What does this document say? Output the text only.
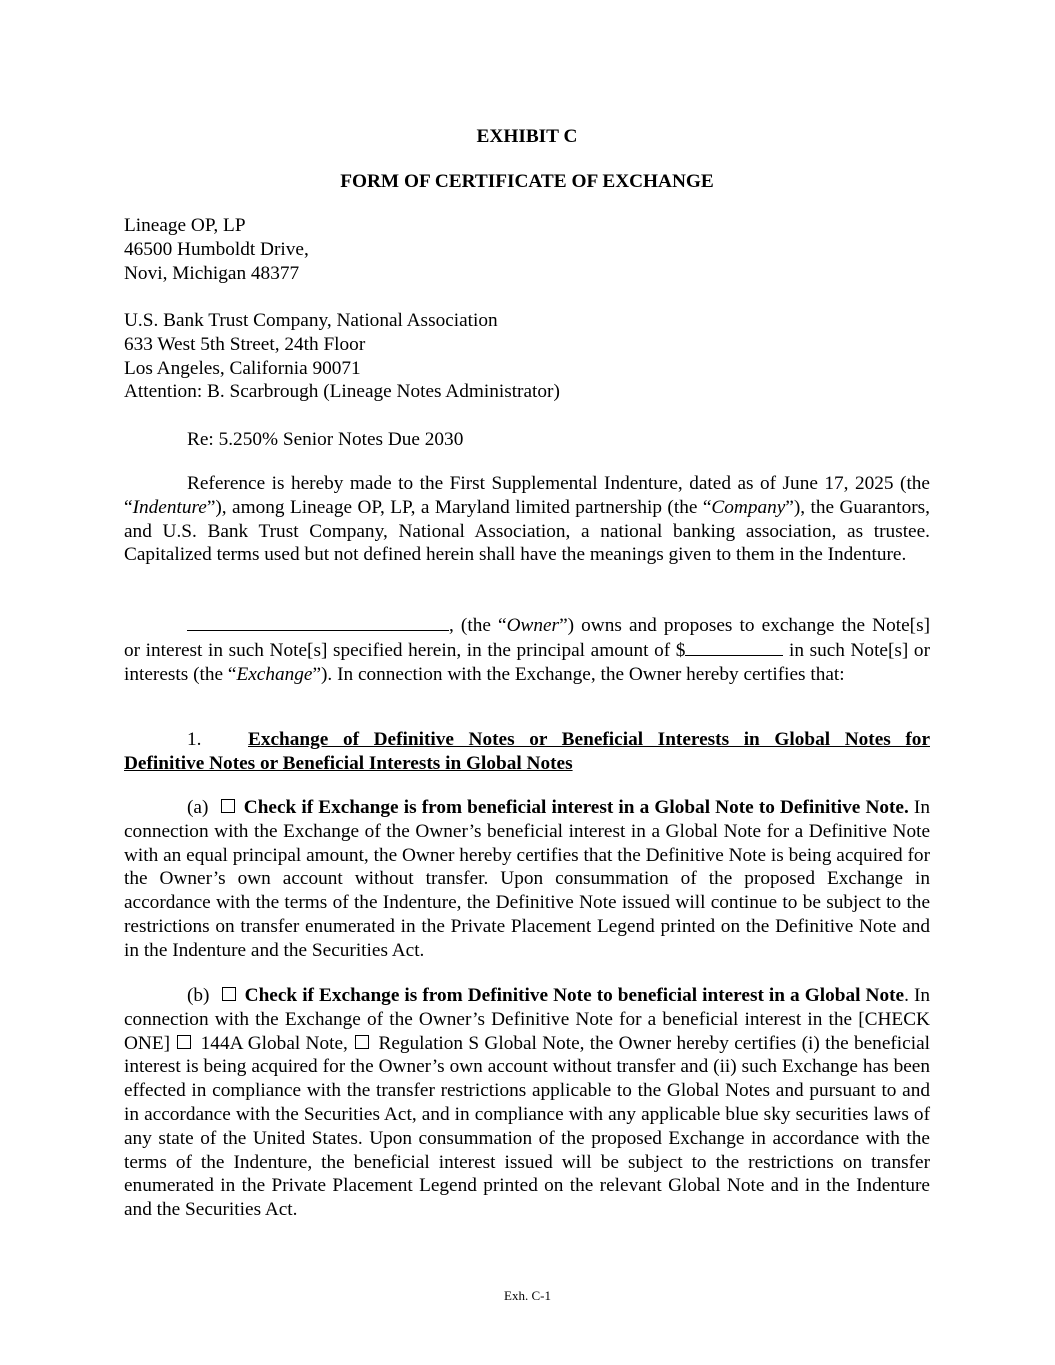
EXHIBIT C

FORM OF CERTIFICATE OF EXCHANGE

Lineage OP, LP
46500 Humboldt Drive,
Novi, Michigan 48377
U.S. Bank Trust Company, National Association
633 West 5th Street, 24th Floor
Los Angeles, California 90071
Attention: B. Scarbrough (Lineage Notes Administrator)

Re: 5.250% Senior Notes Due 2030

Reference is hereby made to the First Supplemental Indenture, dated as of June 17, 2025 (the “Indenture”), among Lineage OP, LP, a Maryland limited partnership (the “Company”), the Guarantors, and U.S. Bank Trust Company, National Association, a national banking association, as trustee. Capitalized terms used but not defined herein shall have the meanings given to them in the Indenture.

, (the “Owner”) owns and proposes to exchange the Note[s] or interest in such Note[s] specified herein, in the principal amount of $	in such Note[s] or interests (the “Exchange”). In connection with the Exchange, the Owner hereby certifies that:

1. Exchange of Definitive Notes or Beneficial Interests in Global Notes for
Definitive Notes or Beneficial Interests in Global Notes

(a) Check if Exchange is from beneficial interest in a Global Note to Definitive Note. In connection with the Exchange of the Owner’s beneficial interest in a Global Note for a Definitive Note with an equal principal amount, the Owner hereby certifies that the Definitive Note is being acquired for the Owner’s own account without transfer. Upon consummation of the proposed Exchange in accordance with the terms of the Indenture, the Definitive Note issued will continue to be subject to the restrictions on transfer enumerated in the Private Placement Legend printed on the Definitive Note and in the Indenture and the Securities Act.

(b) Check if Exchange is from Definitive Note to beneficial interest in a Global Note. In connection with the Exchange of the Owner’s Definitive Note for a beneficial interest in the [CHECK ONE]  144A Global Note,  Regulation S Global Note, the Owner hereby certifies (i) the beneficial interest is being acquired for the Owner’s own account without transfer and (ii) such Exchange has been effected in compliance with the transfer restrictions applicable to the Global Notes and pursuant to and in accordance with the Securities Act, and in compliance with any applicable blue sky securities laws of any state of the United States. Upon consummation of the proposed Exchange in accordance with the terms of the Indenture, the beneficial interest issued will be subject to the restrictions on transfer enumerated in the Private Placement Legend printed on the relevant Global Note and in the Indenture and the Securities Act.

Exh. C-1
